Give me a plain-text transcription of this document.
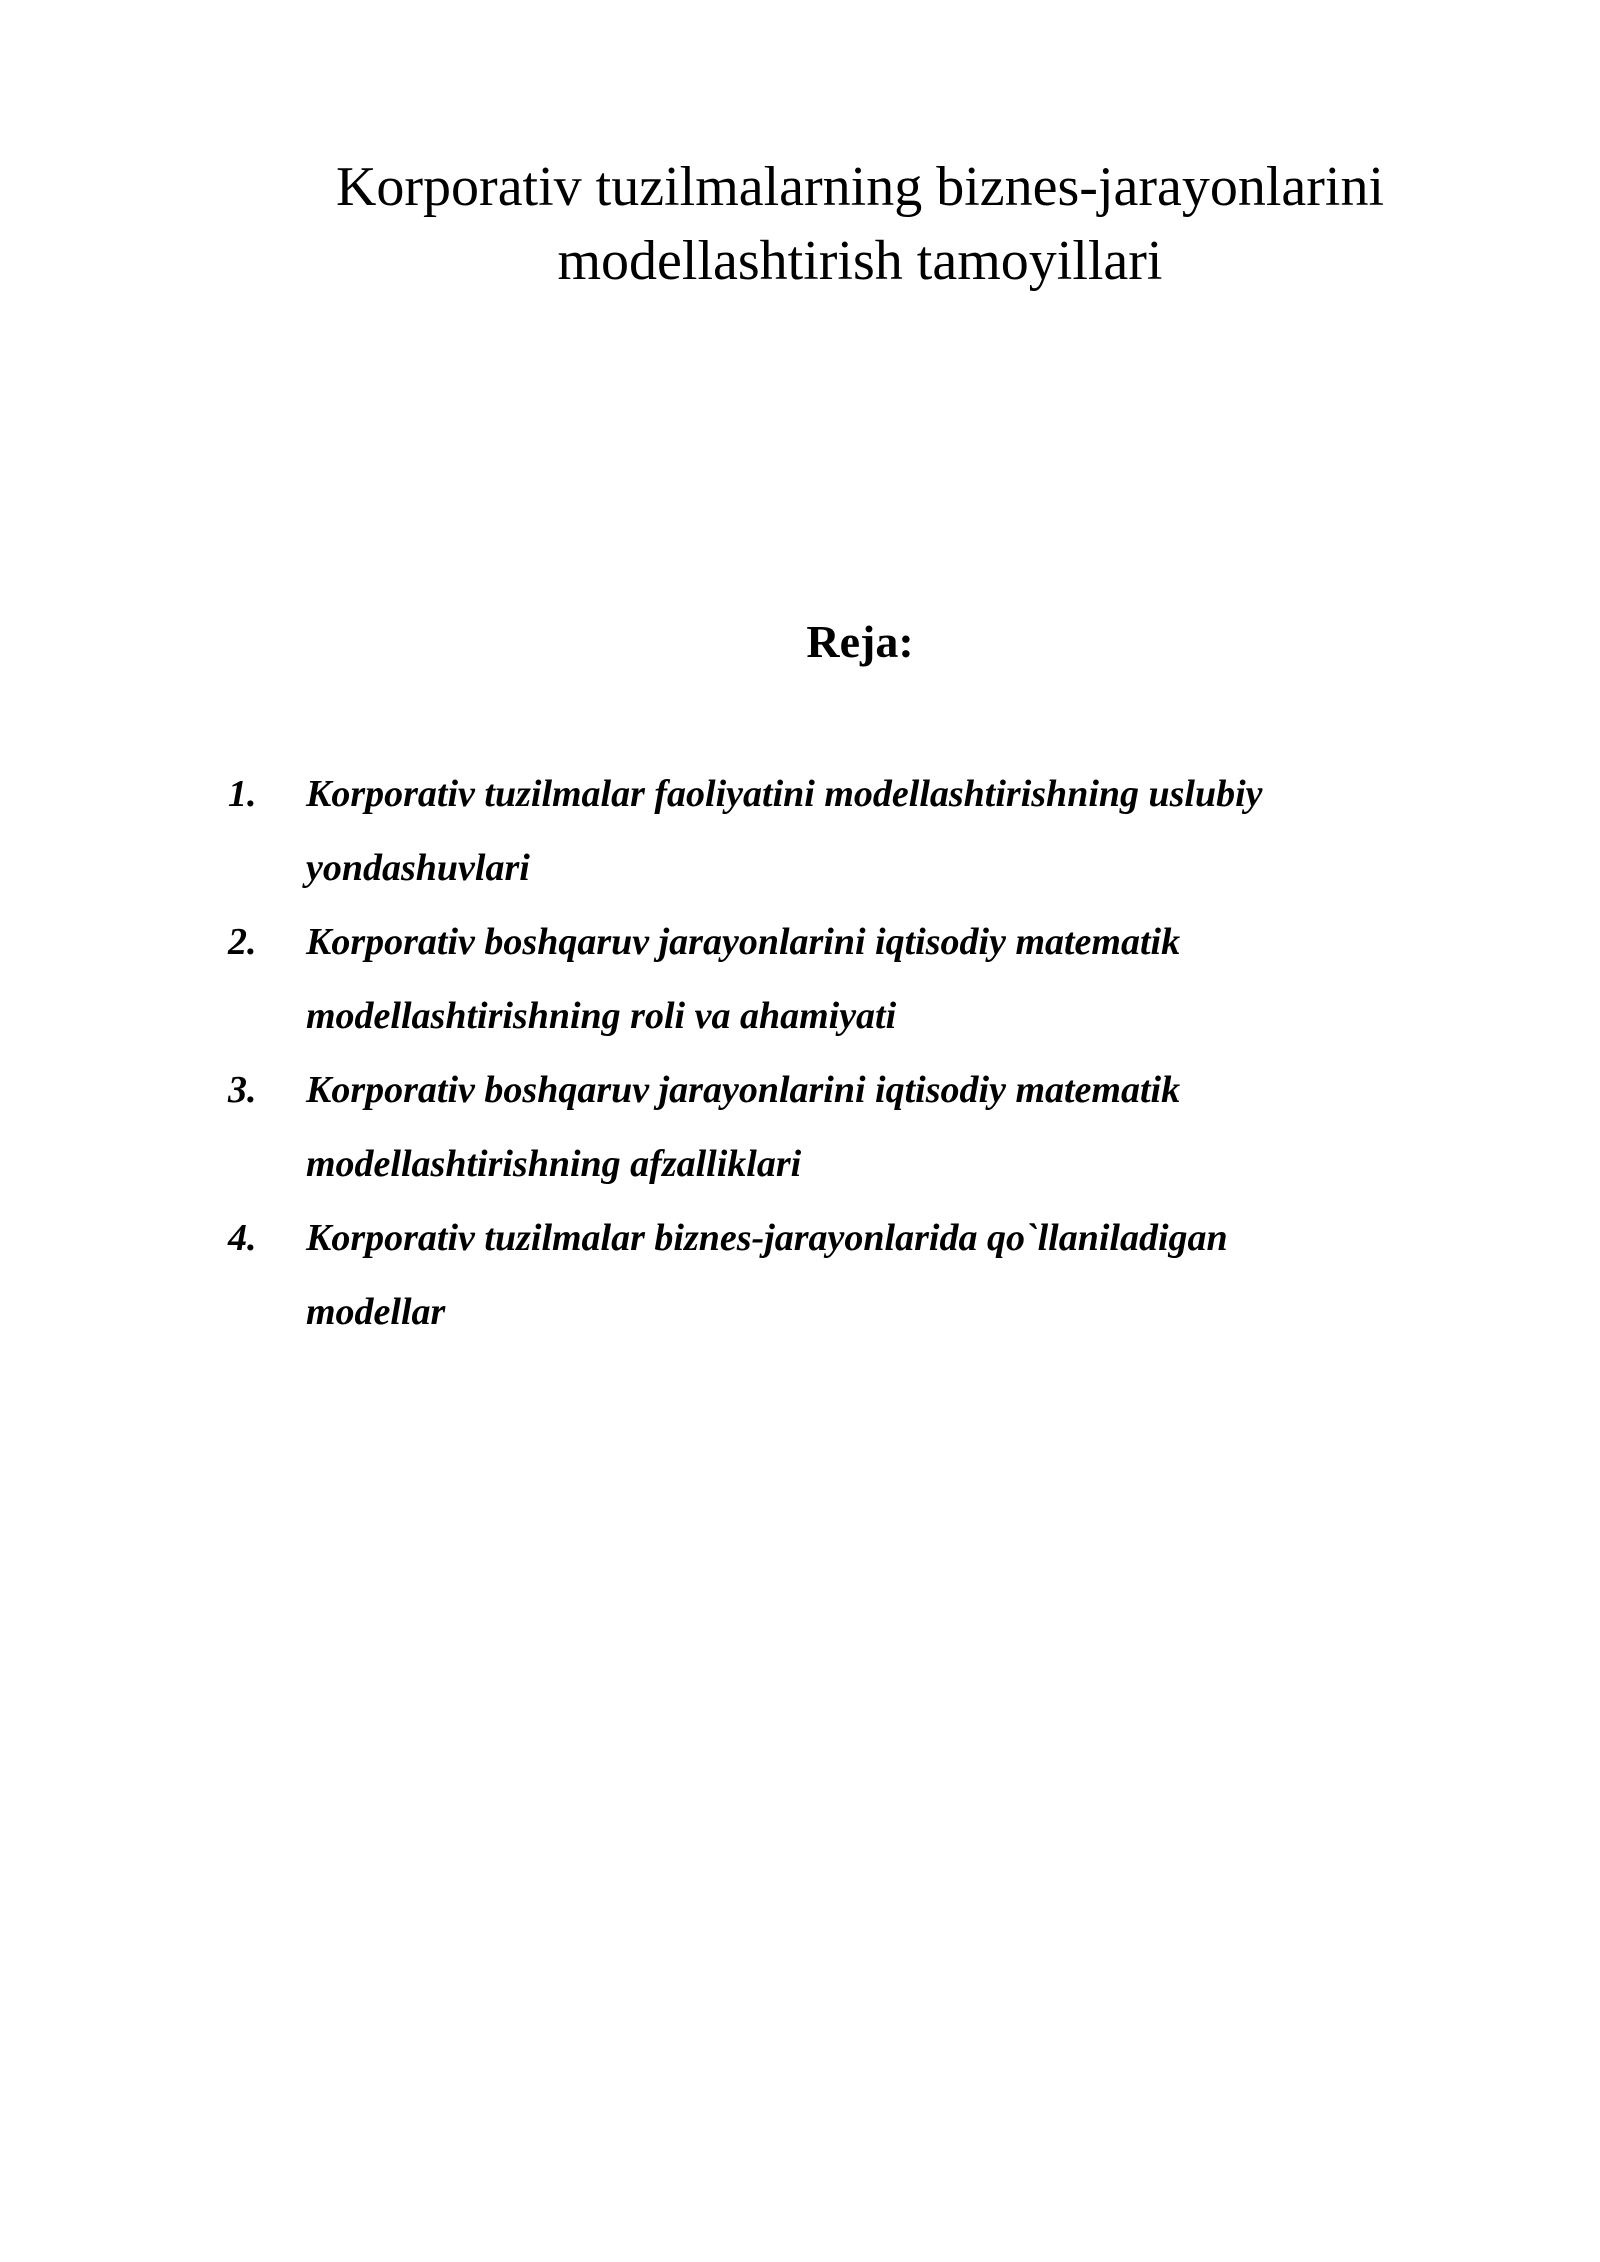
Korporativ tuzilmalarning biznes-jarayonlarini
modellashtirish tamoyillari
Reja:
1. Korporativ tuzilmalar faoliyatini modellashtirishning uslubiy
yondashuvlari
2. Korporativ boshqaruv jarayonlarini iqtisodiy matematik
modellashtirishning roli va ahamiyati
3. Korporativ boshqaruv jarayonlarini iqtisodiy matematik
modellashtirishning afzalliklari
4. Korporativ tuzilmalar biznes-jarayonlarida qo`llaniladigan
modellar
